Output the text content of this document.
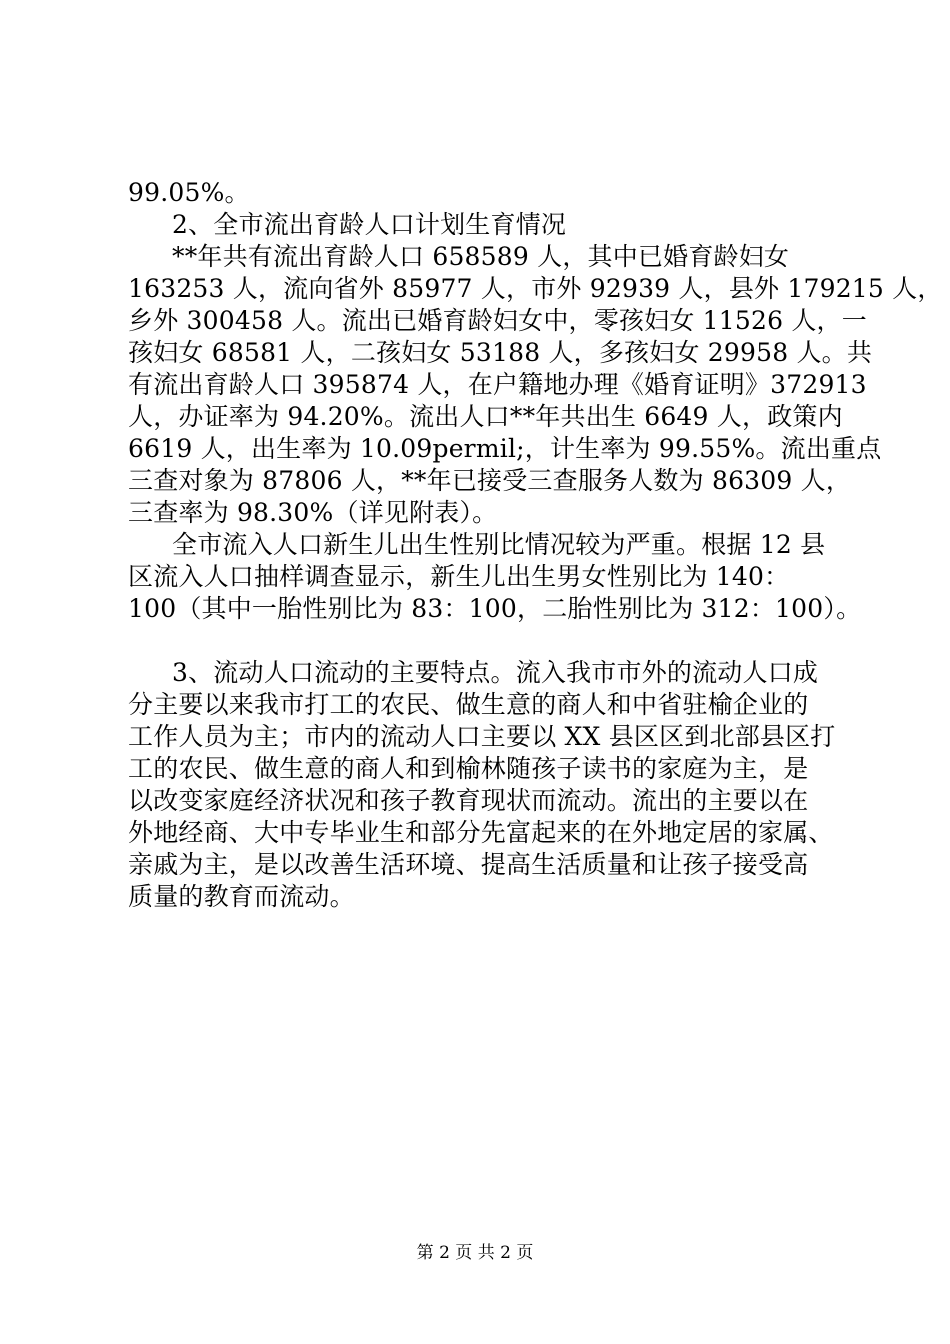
99.05%。
2、全市流出育龄人口计划生育情况
**年共有流出育龄人口 658589 人，其中已婚育龄妇女
163253 人，流向省外 85977 人，市外 92939 人，县外 179215 人，
乡外 300458 人。流出已婚育龄妇女中，零孩妇女 11526 人，一
孩妇女 68581 人，二孩妇女 53188 人，多孩妇女 29958 人。共
有流出育龄人口 395874 人，在户籍地办理《婚育证明》372913
人，办证率为 94.20%。流出人口**年共出生 6649 人，政策内
6619 人，出生率为 10.09permil;，计生率为 99.55%。流出重点
三查对象为 87806 人，**年已接受三查服务人数为 86309 人，
三查率为 98.30%（详见附表）。
全市流入人口新生儿出生性别比情况较为严重。根据 12 县
区流入人口抽样调查显示，新生儿出生男女性别比为 140：
100（其中一胎性别比为 83：100，二胎性别比为 312：100）。
3、流动人口流动的主要特点。流入我市市外的流动人口成
分主要以来我市打工的农民、做生意的商人和中省驻榆企业的
工作人员为主；市内的流动人口主要以 XX 县区区到北部县区打
工的农民、做生意的商人和到榆林随孩子读书的家庭为主，是
以改变家庭经济状况和孩子教育现状而流动。流出的主要以在
外地经商、大中专毕业生和部分先富起来的在外地定居的家属、
亲戚为主，是以改善生活环境、提高生活质量和让孩子接受高
质量的教育而流动。
第 2 页 共 2 页
